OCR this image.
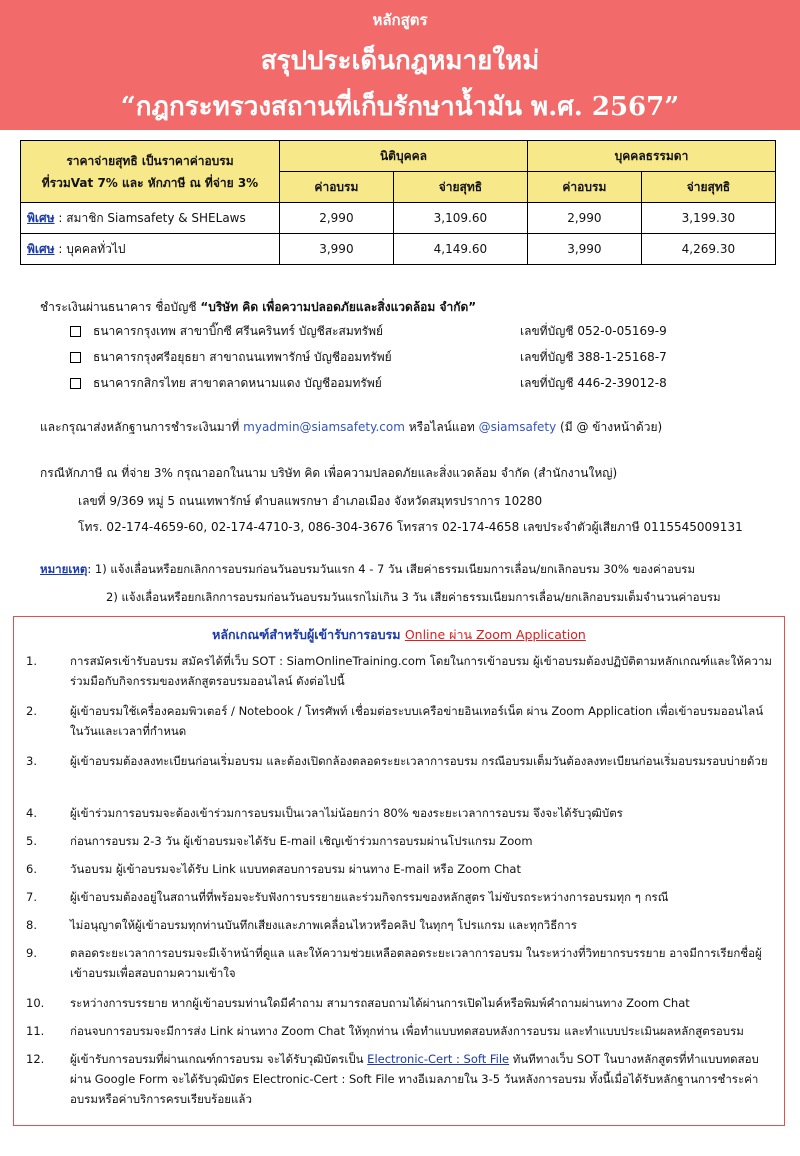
หลักสูตร
สรุปประเด็นกฎหมายใหม่
“กฎกระทรวงสถานที่เก็บรักษาน้ำมัน พ.ศ. 2567”
ราคาจ่ายสุทธิ เป็นราคาค่าอบรม
ที่รวมVat 7% และ หักภาษี ณ ที่จ่าย 3%	นิติบุคคล		บุคคลธรรมดา	
	ค่าอบรม	จ่ายสุทธิ	ค่าอบรม	จ่ายสุทธิ
พิเศษ : สมาชิก Siamsafety & SHELaws	2,990	3,109.60	2,990	3,199.30
พิเศษ : บุคคลทั่วไป	3,990	4,149.60	3,990	4,269.30
ชำระเงินผ่านธนาคาร ชื่อบัญชี “บริษัท คิด เพื่อความปลอดภัยและสิ่งแวดล้อม จำกัด”
ธนาคารกรุงเทพ สาขาบิ๊กซี ศรีนครินทร์ บัญชีสะสมทรัพย์	เลขที่บัญชี 052-0-05169-9
ธนาคารกรุงศรีอยุธยา สาขาถนนเทพารักษ์ บัญชีออมทรัพย์	เลขที่บัญชี 388-1-25168-7
ธนาคารกสิกรไทย สาขาตลาดหนามแดง บัญชีออมทรัพย์	เลขที่บัญชี 446-2-39012-8
และกรุณาส่งหลักฐานการชำระเงินมาที่ myadmin@siamsafety.com หรือไลน์แอท @siamsafety (มี @ ข้างหน้าด้วย)
กรณีหักภาษี ณ ที่จ่าย 3% กรุณาออกในนาม บริษัท คิด เพื่อความปลอดภัยและสิ่งแวดล้อม จำกัด (สำนักงานใหญ่)
เลขที่ 9/369 หมู่ 5 ถนนเทพารักษ์ ตำบลแพรกษา อำเภอเมือง จังหวัดสมุทรปราการ 10280
โทร. 02-174-4659-60, 02-174-4710-3, 086-304-3676 โทรสาร 02-174-4658 เลขประจำตัวผู้เสียภาษี 0115545009131
หมายเหตุ: 1) แจ้งเลื่อนหรือยกเลิกการอบรมก่อนวันอบรมวันแรก 4 - 7 วัน เสียค่าธรรมเนียมการเลื่อน/ยกเลิกอบรม 30% ของค่าอบรม
2) แจ้งเลื่อนหรือยกเลิกการอบรมก่อนวันอบรมวันแรกไม่เกิน 3 วัน เสียค่าธรรมเนียมการเลื่อน/ยกเลิกอบรมเต็มจำนวนค่าอบรม
หลักเกณฑ์สำหรับผู้เข้ารับการอบรม Online ผ่าน Zoom Application
1.	การสมัครเข้ารับอบรม สมัครได้ที่เว็บ SOT : SiamOnlineTraining.com โดยในการเข้าอบรม ผู้เข้าอบรมต้องปฏิบัติตามหลักเกณฑ์และให้ความร่วมมือกับกิจกรรมของหลักสูตรอบรมออนไลน์ ดังต่อไปนี้
2.	ผู้เข้าอบรมใช้เครื่องคอมพิวเตอร์ / Notebook / โทรศัพท์ เชื่อมต่อระบบเครือข่ายอินเทอร์เน็ต ผ่าน Zoom Application เพื่อเข้าอบรมออนไลน์ ในวันและเวลาที่กำหนด
3.	ผู้เข้าอบรมต้องลงทะเบียนก่อนเริ่มอบรม และต้องเปิดกล้องตลอดระยะเวลาการอบรม กรณีอบรมเต็มวันต้องลงทะเบียนก่อนเริ่มอบรมรอบบ่ายด้วย
4.	ผู้เข้าร่วมการอบรมจะต้องเข้าร่วมการอบรมเป็นเวลาไม่น้อยกว่า 80% ของระยะเวลาการอบรม จึงจะได้รับวุฒิบัตร
5.	ก่อนการอบรม 2-3 วัน ผู้เข้าอบรมจะได้รับ E-mail เชิญเข้าร่วมการอบรมผ่านโปรแกรม Zoom
6.	วันอบรม ผู้เข้าอบรมจะได้รับ Link แบบทดสอบการอบรม ผ่านทาง E-mail หรือ Zoom Chat
7.	ผู้เข้าอบรมต้องอยู่ในสถานที่ที่พร้อมจะรับฟังการบรรยายและร่วมกิจกรรมของหลักสูตร ไม่ขับรถระหว่างการอบรมทุก ๆ กรณี
8.	ไม่อนุญาตให้ผู้เข้าอบรมทุกท่านบันทึกเสียงและภาพเคลื่อนไหวหรือคลิป ในทุกๆ โปรแกรม และทุกวิธีการ
9.	ตลอดระยะเวลาการอบรมจะมีเจ้าหน้าที่ดูแล และให้ความช่วยเหลือตลอดระยะเวลาการอบรม ในระหว่างที่วิทยากรบรรยาย อาจมีการเรียกชื่อผู้เข้าอบรมเพื่อสอบถามความเข้าใจ
10.	ระหว่างการบรรยาย หากผู้เข้าอบรมท่านใดมีคำถาม สามารถสอบถามได้ผ่านการเปิดไมค์หรือพิมพ์คำถามผ่านทาง Zoom Chat
11.	ก่อนจบการอบรมจะมีการส่ง Link ผ่านทาง Zoom Chat ให้ทุกท่าน เพื่อทำแบบทดสอบหลังการอบรม และทำแบบประเมินผลหลักสูตรอบรม
12.	ผู้เข้ารับการอบรมที่ผ่านเกณฑ์การอบรม จะได้รับวุฒิบัตรเป็น Electronic-Cert : Soft File ทันทีทางเว็บ SOT ในบางหลักสูตรที่ทำแบบทดสอบผ่าน Google Form จะได้รับวุฒิบัตร Electronic-Cert : Soft File ทางอีเมลภายใน 3-5 วันหลังการอบรม ทั้งนี้เมื่อได้รับหลักฐานการชำระค่าอบรมหรือค่าบริการครบเรียบร้อยแล้ว
